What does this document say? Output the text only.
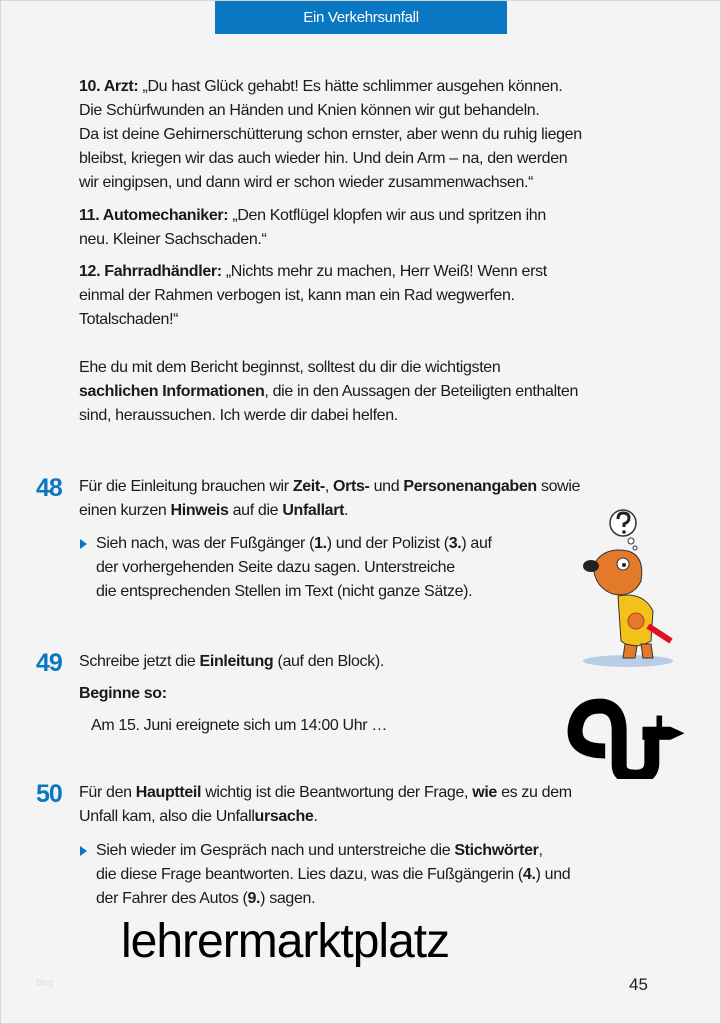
Ein Verkehrsunfall
10. Arzt: „Du hast Glück gehabt! Es hätte schlimmer ausgehen können.
Die Schürfwunden an Händen und Knien können wir gut behandeln.
Da ist deine Gehirnerschütterung schon ernster, aber wenn du ruhig liegen
bleibst, kriegen wir das auch wieder hin. Und dein Arm – na, den werden
wir eingipsen, und dann wird er schon wieder zusammenwachsen.“
11. Automechaniker: „Den Kotflügel klopfen wir aus und spritzen ihn
neu. Kleiner Sachschaden.“
12. Fahrradhändler: „Nichts mehr zu machen, Herr Weiß! Wenn erst
einmal der Rahmen verbogen ist, kann man ein Rad wegwerfen.
Totalschaden!“
Ehe du mit dem Bericht beginnst, solltest du dir die wichtigsten
sachlichen Informationen, die in den Aussagen der Beteiligten enthalten
sind, heraussuchen. Ich werde dir dabei helfen.
48 Für die Einleitung brauchen wir Zeit-, Orts- und Personenangaben sowie
einen kurzen Hinweis auf die Unfallart.
Sieh nach, was der Fußgänger (1.) und der Polizist (3.) auf
der vorhergehenden Seite dazu sagen. Unterstreiche
die entsprechenden Stellen im Text (nicht ganze Sätze).
49 Schreibe jetzt die Einleitung (auf den Block).
Beginne so:
Am 15. Juni ereignete sich um 14:00 Uhr …
50 Für den Hauptteil wichtig ist die Beantwortung der Frage, wie es zu dem
Unfall kam, also die Unfallursache.
Sieh wieder im Gespräch nach und unterstreiche die Stichwörter,
die diese Frage beantworten. Lies dazu, was die Fußgängerin (4.) und
der Fahrer des Autos (9.) sagen.
lehrermarktplatz
blog	45
